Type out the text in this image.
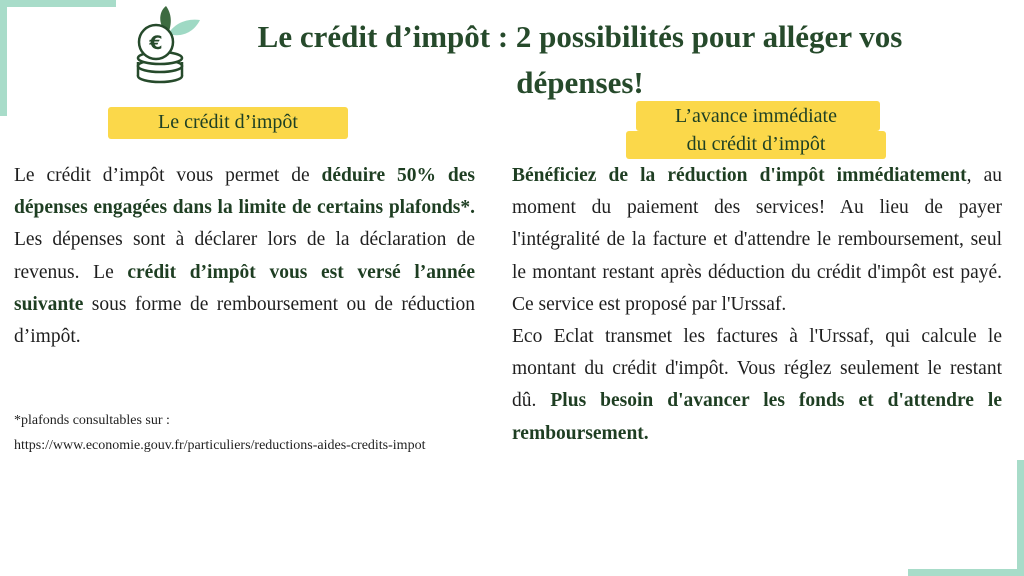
€	Le crédit d’impôt : 2 possibilités pour alléger vos dépenses!
Le crédit d’impôt	L’avance immédiate
du crédit d’impôt

Le crédit d’impôt vous permet de déduire 50% des dépenses engagées dans la limite de certains plafonds*. Les dépenses sont à déclarer lors de la déclaration de revenus. Le crédit d’impôt vous est versé l’année suivante sous forme de remboursement ou de réduction d’impôt.

*plafonds consultables sur :
https://www.economie.gouv.fr/particuliers/reductions-aides-credits-impot

Bénéficiez de la réduction d'impôt immédiatement, au moment du paiement des services! Au lieu de payer l'intégralité de la facture et d'attendre le remboursement, seul le montant restant après déduction du crédit d'impôt est payé. Ce service est proposé par l'Urssaf.

Eco Eclat transmet les factures à l'Urssaf, qui calcule le montant du crédit d'impôt. Vous réglez seulement le restant dû. Plus besoin d'avancer les fonds et d'attendre le remboursement.
